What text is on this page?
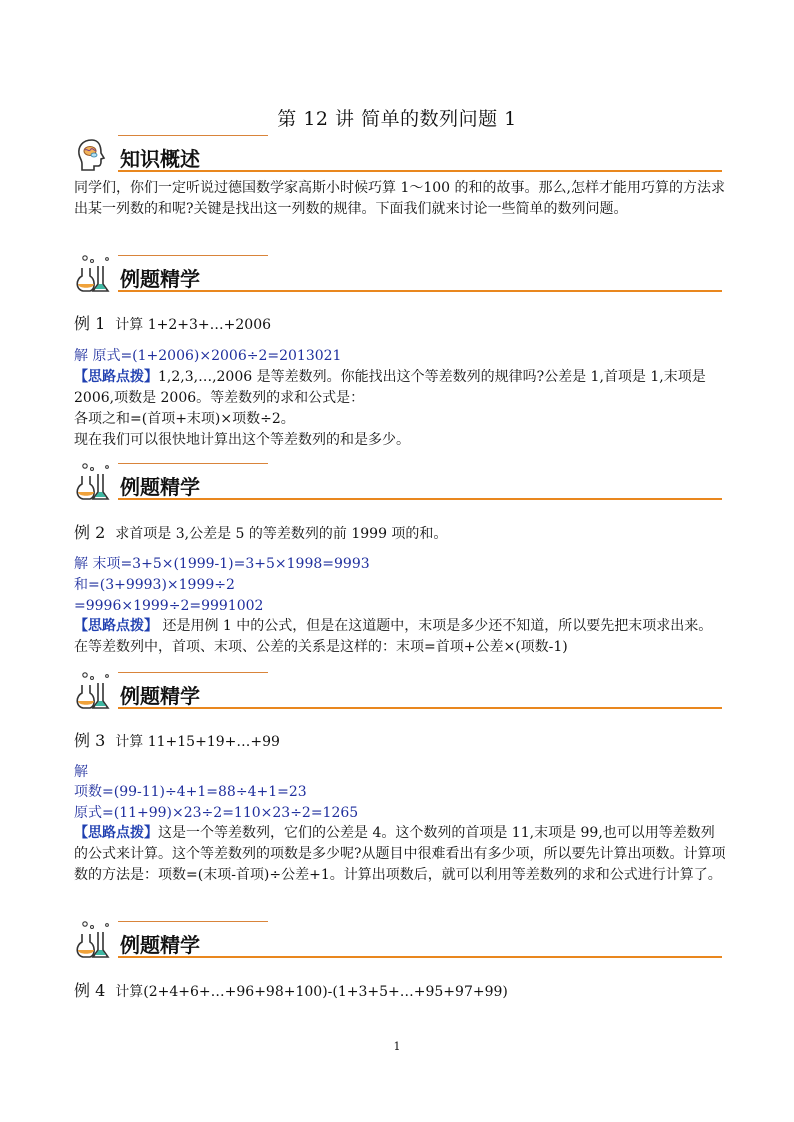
第 12 讲 简单的数列问题 1
知识概述
同学们，你们一定听说过德国数学家高斯小时候巧算 1～100 的和的故事。那么,怎样才能用巧算的方法求出某一列数的和呢?关键是找出这一列数的规律。下面我们就来讨论一些简单的数列问题。
例题精学
例 1 计算 1+2+3+…+2006
解 原式=(1+2006)×2006÷2=2013021
【思路点拨】1,2,3,…,2006 是等差数列。你能找出这个等差数列的规律吗?公差是 1,首项是 1,末项是 2006,项数是 2006。等差数列的求和公式是：
各项之和=(首项+末项)×项数÷2。
现在我们可以很快地计算出这个等差数列的和是多少。
例题精学
例 2 求首项是 3,公差是 5 的等差数列的前 1999 项的和。
解 末项=3+5×(1999-1)=3+5×1998=9993
和=(3+9993)×1999÷2
=9996×1999÷2=9991002
【思路点拨】 还是用例 1 中的公式，但是在这道题中，末项是多少还不知道，所以要先把末项求出来。在等差数列中，首项、末项、公差的关系是这样的：末项=首项+公差×(项数-1)
例题精学
例 3 计算 11+15+19+…+99
解
项数=(99-11)÷4+1=88÷4+1=23
原式=(11+99)×23÷2=110×23÷2=1265
【思路点拨】这是一个等差数列，它们的公差是 4。这个数列的首项是 11,末项是 99,也可以用等差数列的公式来计算。这个等差数列的项数是多少呢?从题目中很难看出有多少项，所以要先计算出项数。计算项数的方法是：项数=(末项-首项)÷公差+1。计算出项数后，就可以利用等差数列的求和公式进行计算了。
例题精学
例 4 计算(2+4+6+…+96+98+100)-(1+3+5+…+95+97+99)
1
